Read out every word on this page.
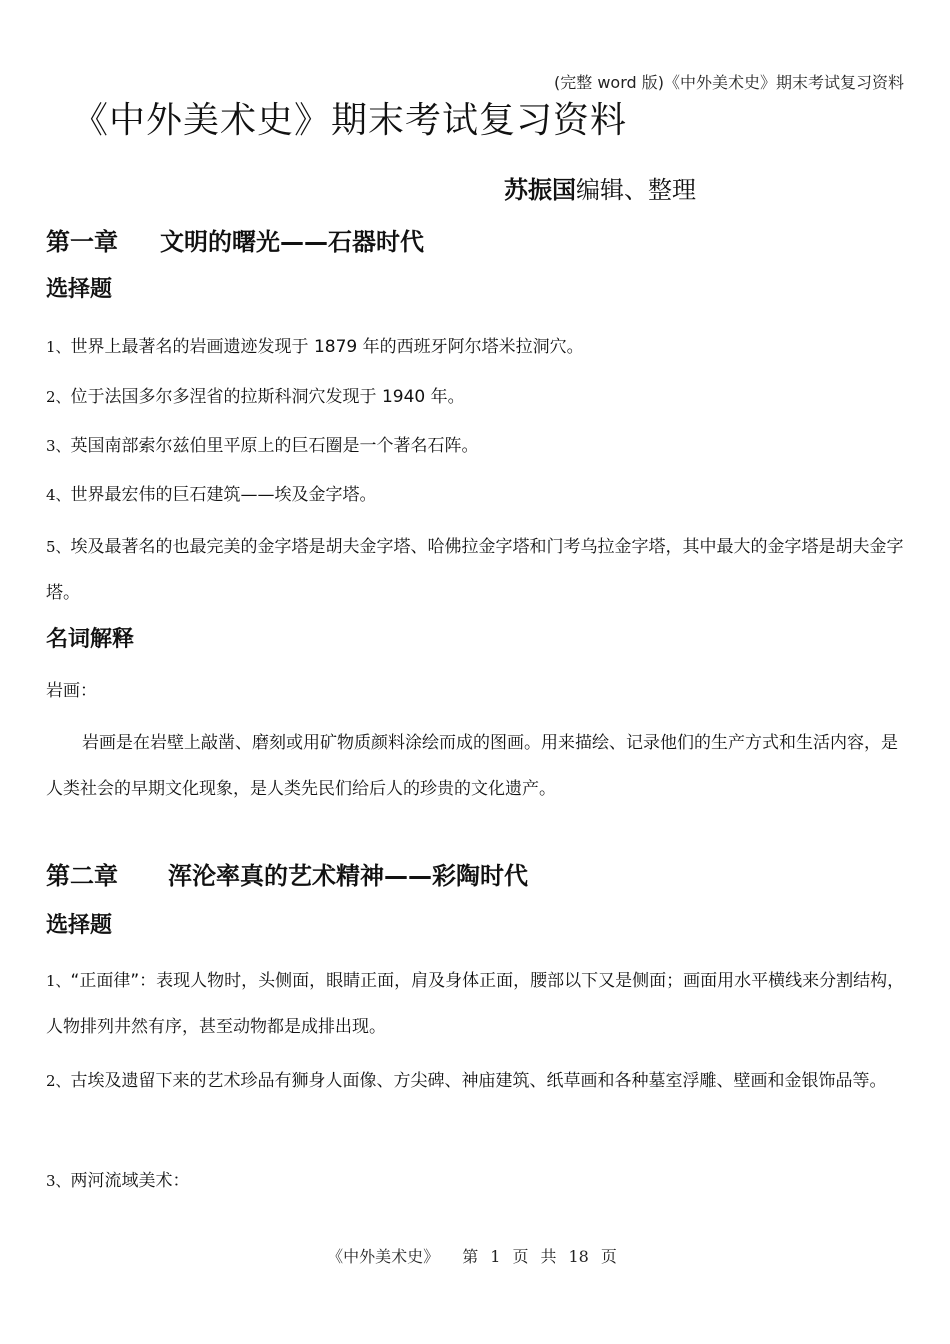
(完整 word 版)《中外美术史》期末考试复习资料
《中外美术史》期末考试复习资料
苏振国编辑、整理
第一章 文明的曙光——石器时代
选择题
1、世界上最著名的岩画遗迹发现于 1879 年的西班牙阿尔塔米拉洞穴。
2、位于法国多尔多涅省的拉斯科洞穴发现于 1940 年。
3、英国南部索尔兹伯里平原上的巨石圈是一个著名石阵。
4、世界最宏伟的巨石建筑——埃及金字塔。
5、埃及最著名的也最完美的金字塔是胡夫金字塔、哈佛拉金字塔和门考乌拉金字塔，其中最大的金字塔是胡夫金字塔。
名词解释
岩画：
岩画是在岩壁上敲凿、磨刻或用矿物质颜料涂绘而成的图画。用来描绘、记录他们的生产方式和生活内容，是人类社会的早期文化现象，是人类先民们给后人的珍贵的文化遗产。
第二章 浑沦率真的艺术精神——彩陶时代
选择题
1、“正面律”：表现人物时，头侧面，眼睛正面，肩及身体正面，腰部以下又是侧面；画面用水平横线来分割结构，人物排列井然有序，甚至动物都是成排出现。
2、古埃及遗留下来的艺术珍品有狮身人面像、方尖碑、神庙建筑、纸草画和各种墓室浮雕、壁画和金银饰品等。
3、两河流域美术：
《中外美术史》 第 1 页 共 18 页
